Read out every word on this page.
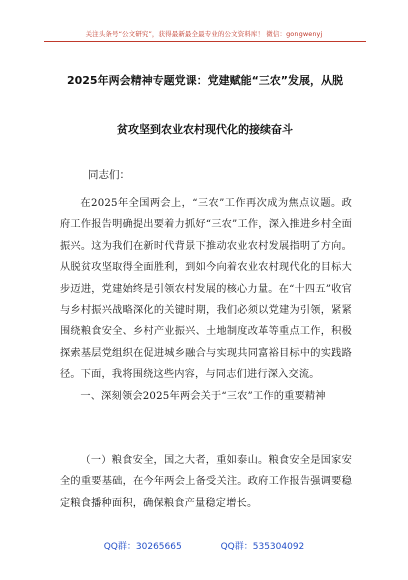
关注头条号“公文研究”，获得最新最全最专业的公文资料库！ 微信：gongwenyj
2025年两会精神专题党课：党建赋能“三农”发展，从脱
贫攻坚到农业农村现代化的接续奋斗
同志们：
在2025年全国两会上，“三农”工作再次成为焦点议题。政府工作报告明确提出要着力抓好“三农”工作，深入推进乡村全面振兴。这为我们在新时代背景下推动农业农村发展指明了方向。从脱贫攻坚取得全面胜利，到如今向着农业农村现代化的目标大步迈进，党建始终是引领农村发展的核心力量。在“十四五”收官与乡村振兴战略深化的关键时期，我们必须以党建为引领，紧紧围绕粮食安全、乡村产业振兴、土地制度改革等重点工作，积极探索基层党组织在促进城乡融合与实现共同富裕目标中的实践路径。下面，我将围绕这些内容，与同志们进行深入交流。
一、深刻领会2025年两会关于“三农”工作的重要精神
（一）粮食安全，国之大者，重如泰山。粮食安全是国家安全的重要基础，在今年两会上备受关注。政府工作报告强调要稳定粮食播种面积，确保粮食产量稳定增长。
QQ群：30265665	QQ群：535304092
